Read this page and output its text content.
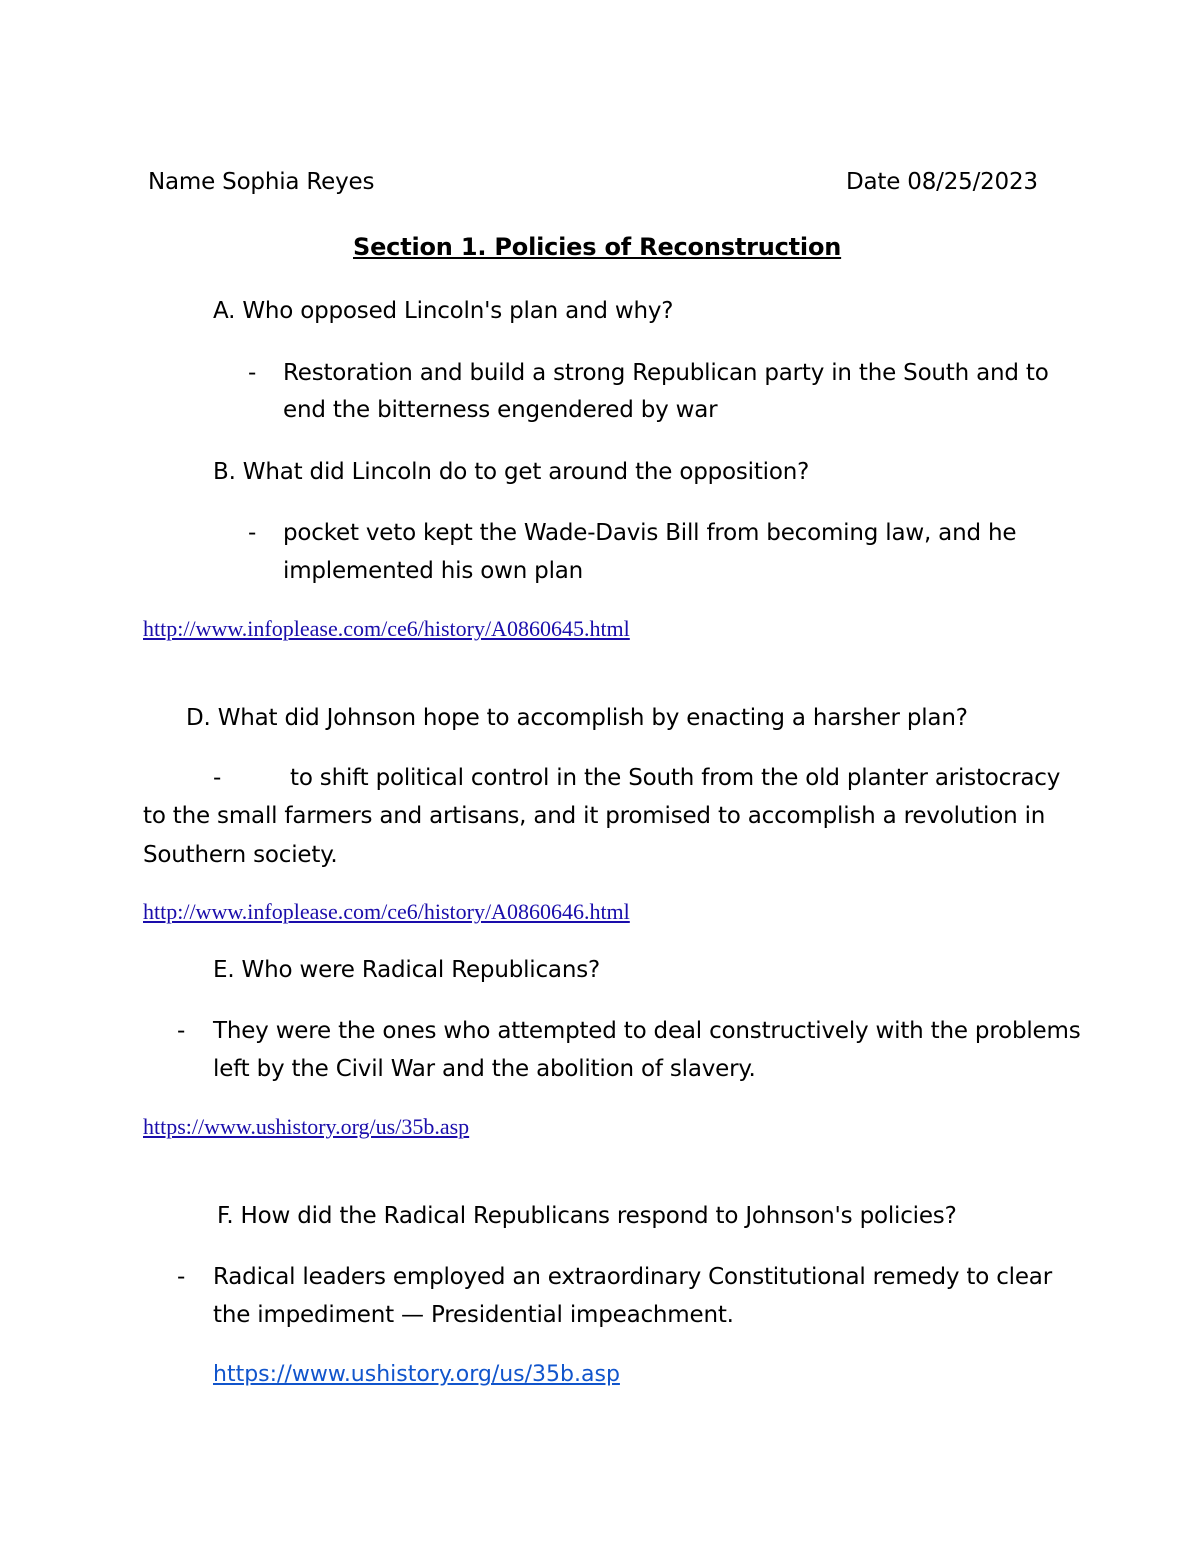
Name Sophia Reyes	Date 08/25/2023
Section 1. Policies of Reconstruction
A. Who opposed Lincoln's plan and why?
- Restoration and build a strong Republican party in the South and to
end the bitterness engendered by war
B. What did Lincoln do to get around the opposition?
- pocket veto kept the Wade-Davis Bill from becoming law, and he
implemented his own plan
http://www.infoplease.com/ce6/history/A0860645.html
D. What did Johnson hope to accomplish by enacting a harsher plan?
-	to shift political control in the South from the old planter aristocracy
to the small farmers and artisans, and it promised to accomplish a revolution in
Southern society.
http://www.infoplease.com/ce6/history/A0860646.html
E. Who were Radical Republicans?
- They were the ones who attempted to deal constructively with the problems
left by the Civil War and the abolition of slavery.
https://www.ushistory.org/us/35b.asp
F. How did the Radical Republicans respond to Johnson's policies?
- Radical leaders employed an extraordinary Constitutional remedy to clear
the impediment — Presidential impeachment.
https://www.ushistory.org/us/35b.asp
